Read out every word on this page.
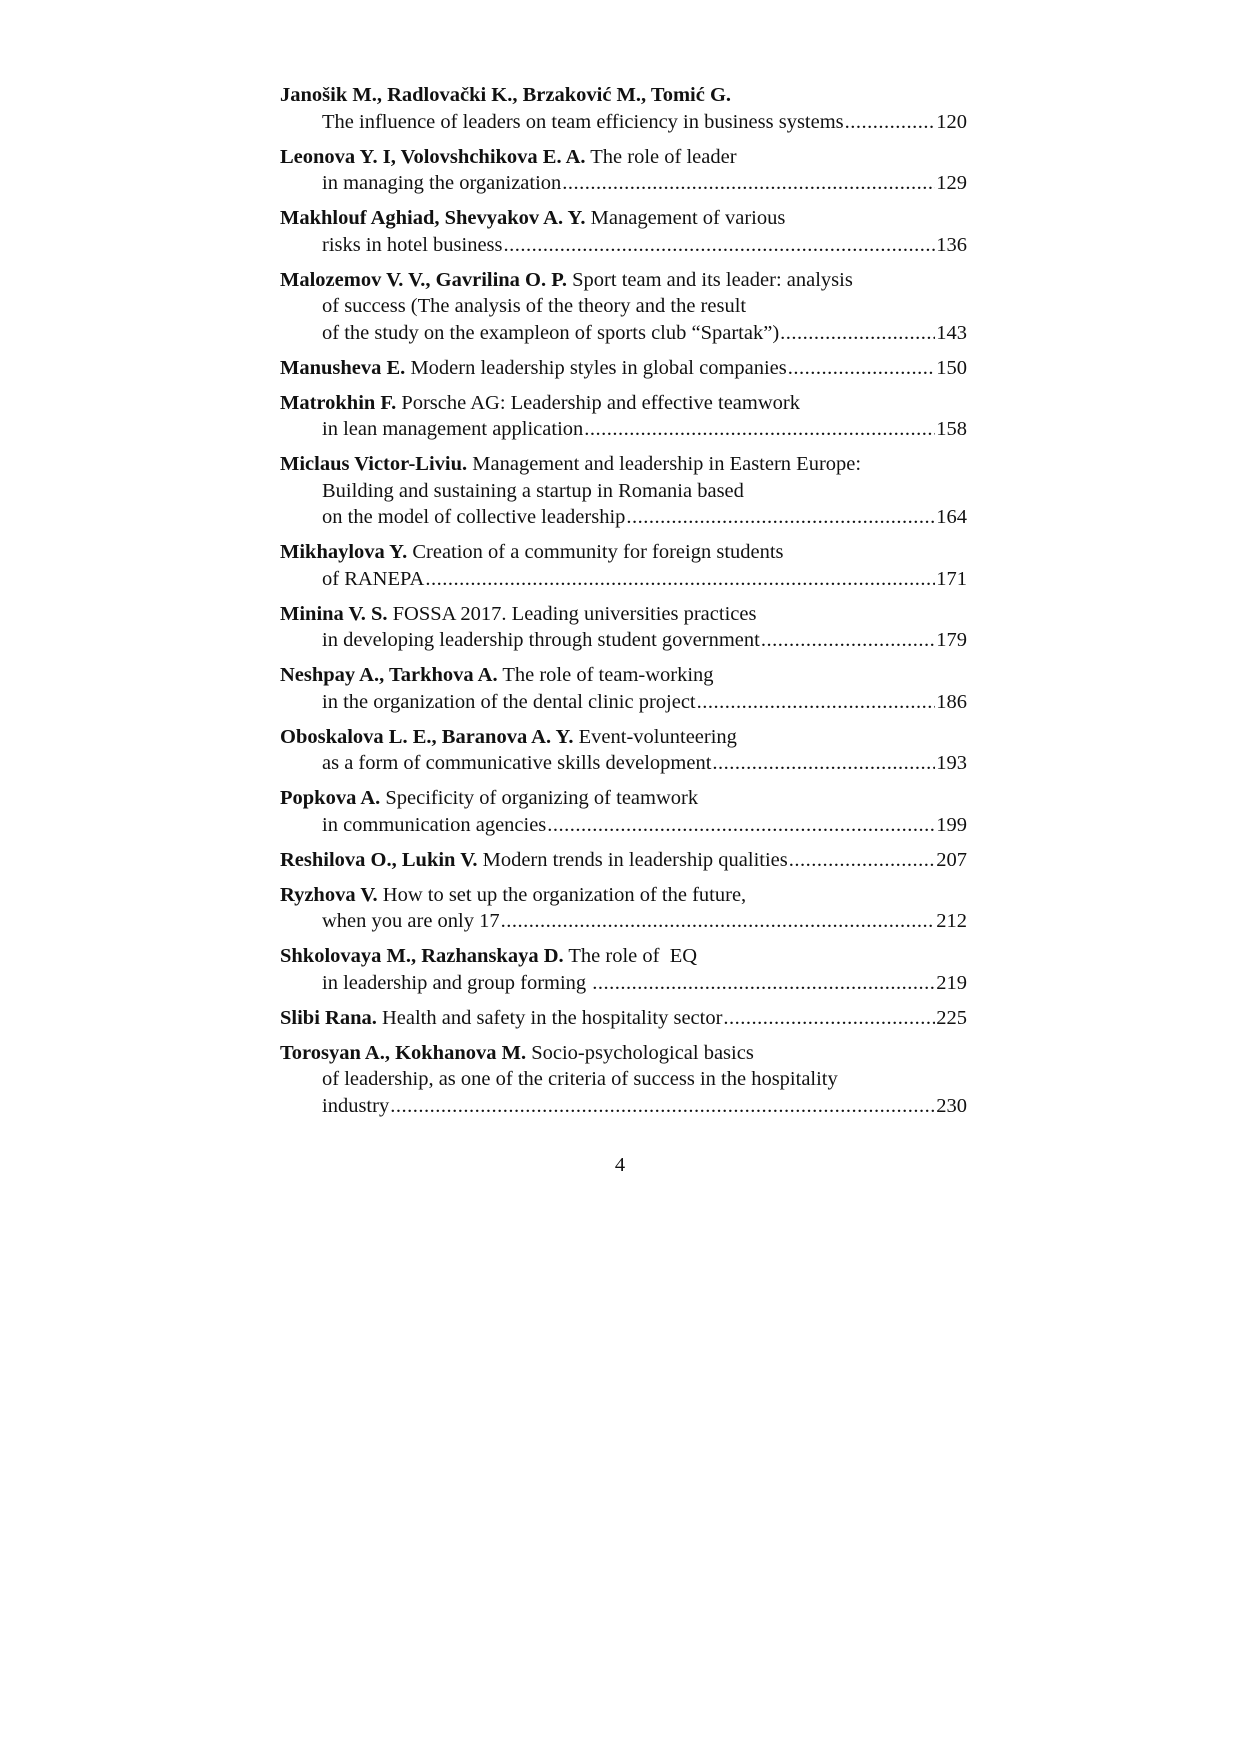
Janošik M., Radlovački K., Brzaković M., Tomić G.
The influence of leaders on team efficiency in business systems .....	120
Leonova Y. I, Volovshchikova E. A. The role of leader
in managing the organization .....	129
Makhlouf Aghiad, Shevyakov A. Y. Management of various
risks in hotel business .....	136
Malozemov V. V., Gavrilina O. P. Sport team and its leader: analysis
of success (The analysis of the theory and the result
of the study on the exampleon of sports club “Spartak”) .....	143
Manusheva E. Modern leadership styles in global companies .....	150
Matrokhin F. Porsche AG: Leadership and effective teamwork
in lean management application .....	158
Miclaus Victor-Liviu. Management and leadership in Eastern Europe:
Building and sustaining a startup in Romania based
on the model of collective leadership .....	164
Mikhaylova Y. Creation of a community for foreign students
of RANEPA .....	171
Minina V. S. FOSSA 2017. Leading universities practices
in developing leadership through student government .....	179
Neshpay A., Tarkhova A. The role of team-working
in the organization of the dental clinic project .....	186
Oboskalova L. E., Baranova A. Y. Event-volunteering
as a form of communicative skills development .....	193
Popkova A. Specificity of organizing of teamwork
in communication agencies .....	199
Reshilova O., Lukin V. Modern trends in leadership qualities .....	207
Ryzhova V. How to set up the organization of the future,
when you are only 17 .....	212
Shkolovaya M., Razhanskaya D. The role of  EQ
in leadership and group forming .....	219
Slibi Rana. Health and safety in the hospitality sector .....	225
Torosyan A., Kokhanova M. Socio-psychological basics
of leadership, as one of the criteria of success in the hospitality
industry .....	230
4
